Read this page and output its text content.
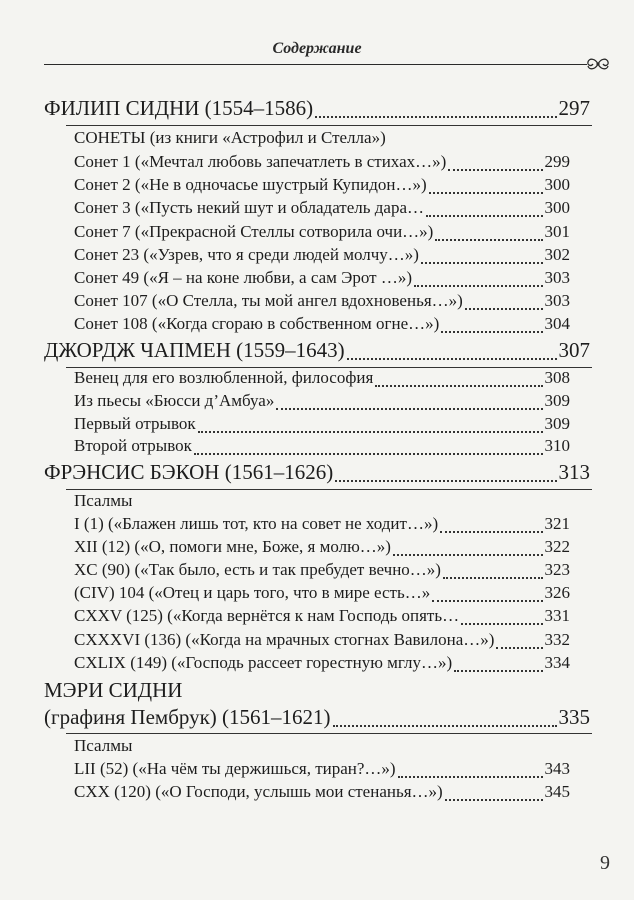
Содержание
ФИЛИП СИДНИ (1554–1586)	297
СОНЕТЫ (из книги «Астрофил и Стелла»)
Сонет 1 («Мечтал любовь запечатлеть в стихах…»)	299
Сонет 2 («Не в одночасье шустрый Купидон…»)	300
Сонет 3 («Пусть некий шут и обладатель дара…	300
Сонет 7 («Прекрасной Стеллы сотворила очи…»)	301
Сонет 23 («Узрев, что я среди людей молчу…»)	302
Сонет 49 («Я – на коне любви, а сам Эрот …»)	303
Сонет 107 («О Стелла, ты мой ангел вдохновенья…»)	303
Сонет 108 («Когда сгораю в собственном огне…»)	304
ДЖОРДЖ ЧАПМЕН (1559–1643)	307
Венец для его возлюбленной, философия	308
Из пьесы «Бюсси д’Амбуа»	309
Первый отрывок	309
Второй отрывок	310
ФРЭНСИС БЭКОН (1561–1626)	313
Псалмы
I (1) («Блажен лишь тот, кто на совет не ходит…»)	321
XII (12) («О, помоги мне, Боже, я молю…»)	322
XC (90) («Так было, есть и так пребудет вечно…»)	323
(CIV) 104 («Отец и царь того, что в мире есть…»	326
CXXV (125) («Когда вернётся к нам Господь опять…	331
CXXXVI (136) («Когда на мрачных стогнах Вавилона…»)	332
CXLIX (149) («Господь рассеет горестную мглу…»)	334
МЭРИ СИДНИ
(графиня Пембрук) (1561–1621)	335
Псалмы
LII (52) («На чём ты держишься, тиран?…»)	343
CXX (120) («О Господи, услышь мои стенанья…»)	345
9
